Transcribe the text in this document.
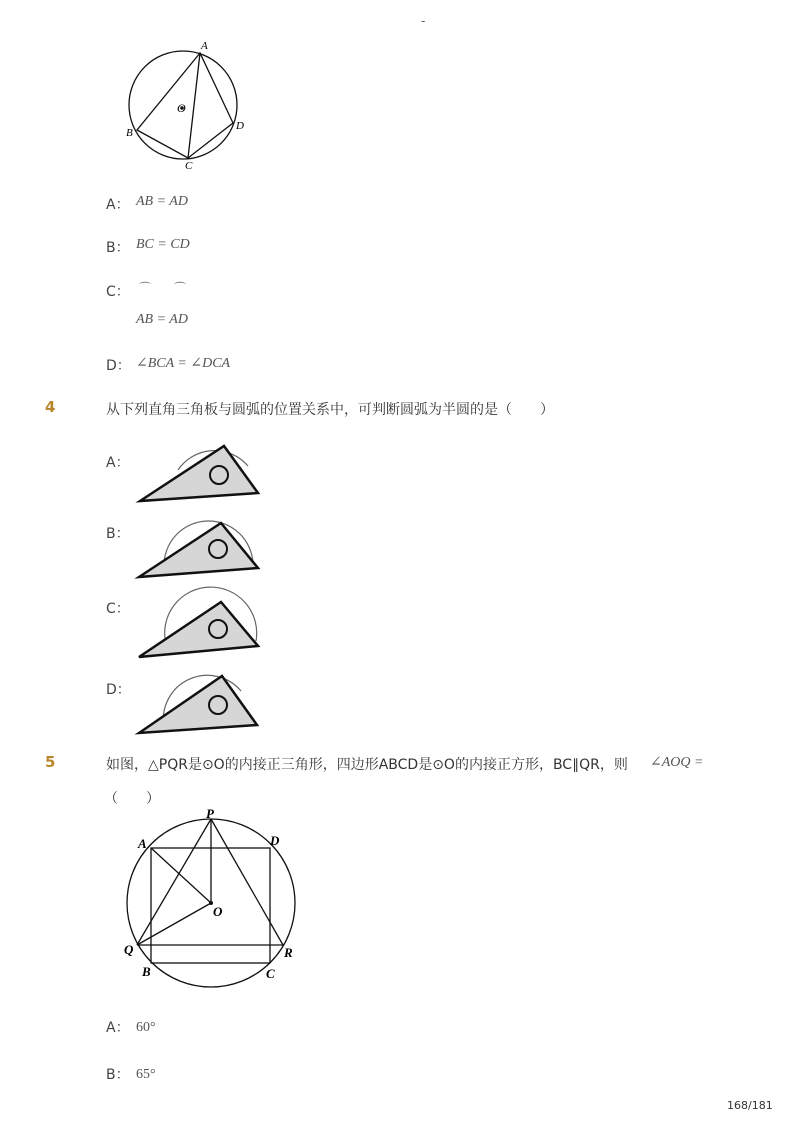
-
A
B
C
D
O
A： AB = AD
B： BC = CD
C： ⌒ ⌒
AB = AD
D： ∠BCA = ∠DCA
4	从下列直角三角板与圆弧的位置关系中，可判断圆弧为半圆的是（　　）
A：
B：
C：
D：
5	如图，△PQR是⊙O的内接正三角形，四边形ABCD是⊙O的内接正方形，BC∥QR，则 ∠AOQ =
（　　）
P
A	D
O
Q
B	C
R
A： 60°
B： 65°
168/181
